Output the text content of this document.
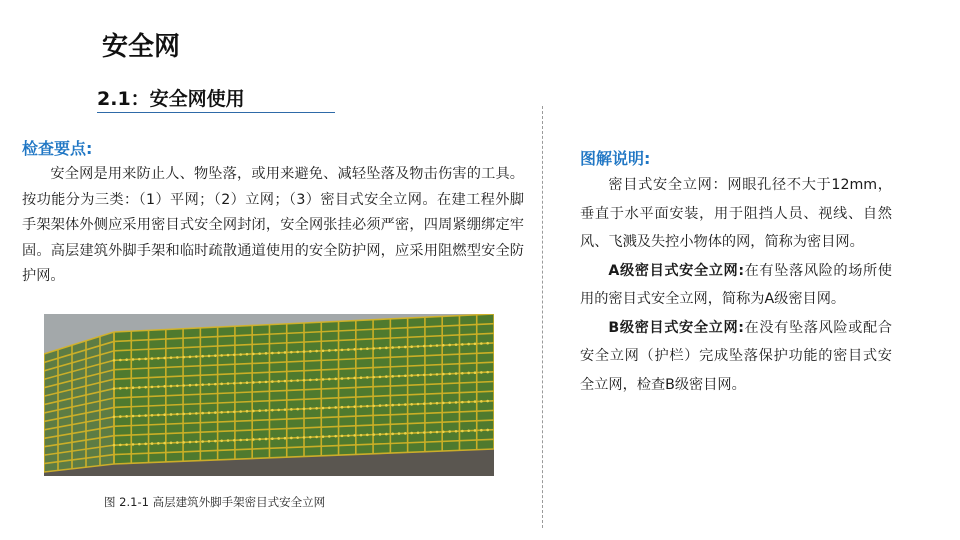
安全网
2.1：安全网使用
检查要点:

安全网是用来防止人、物坠落，或用来避免、减轻坠落及物击伤害的工具。按功能分为三类：（1）平网；（2）立网；（3）密目式安全立网。在建工程外脚手架架体外侧应采用密目式安全网封闭，安全网张挂必须严密，四周紧绷绑定牢固。高层建筑外脚手架和临时疏散通道使用的安全防护网，应采用阻燃型安全防护网。

图 2.1-1 高层建筑外脚手架密目式安全立网
图解说明:

密目式安全立网：网眼孔径不大于12mm，垂直于水平面安装，用于阻挡人员、视线、自然风、飞溅及失控小物体的网，简称为密目网。

A级密目式安全立网:在有坠落风险的场所使用的密目式安全立网，简称为A级密目网。

B级密目式安全立网:在没有坠落风险或配合安全立网（护栏）完成坠落保护功能的密目式安全立网，检查B级密目网。
